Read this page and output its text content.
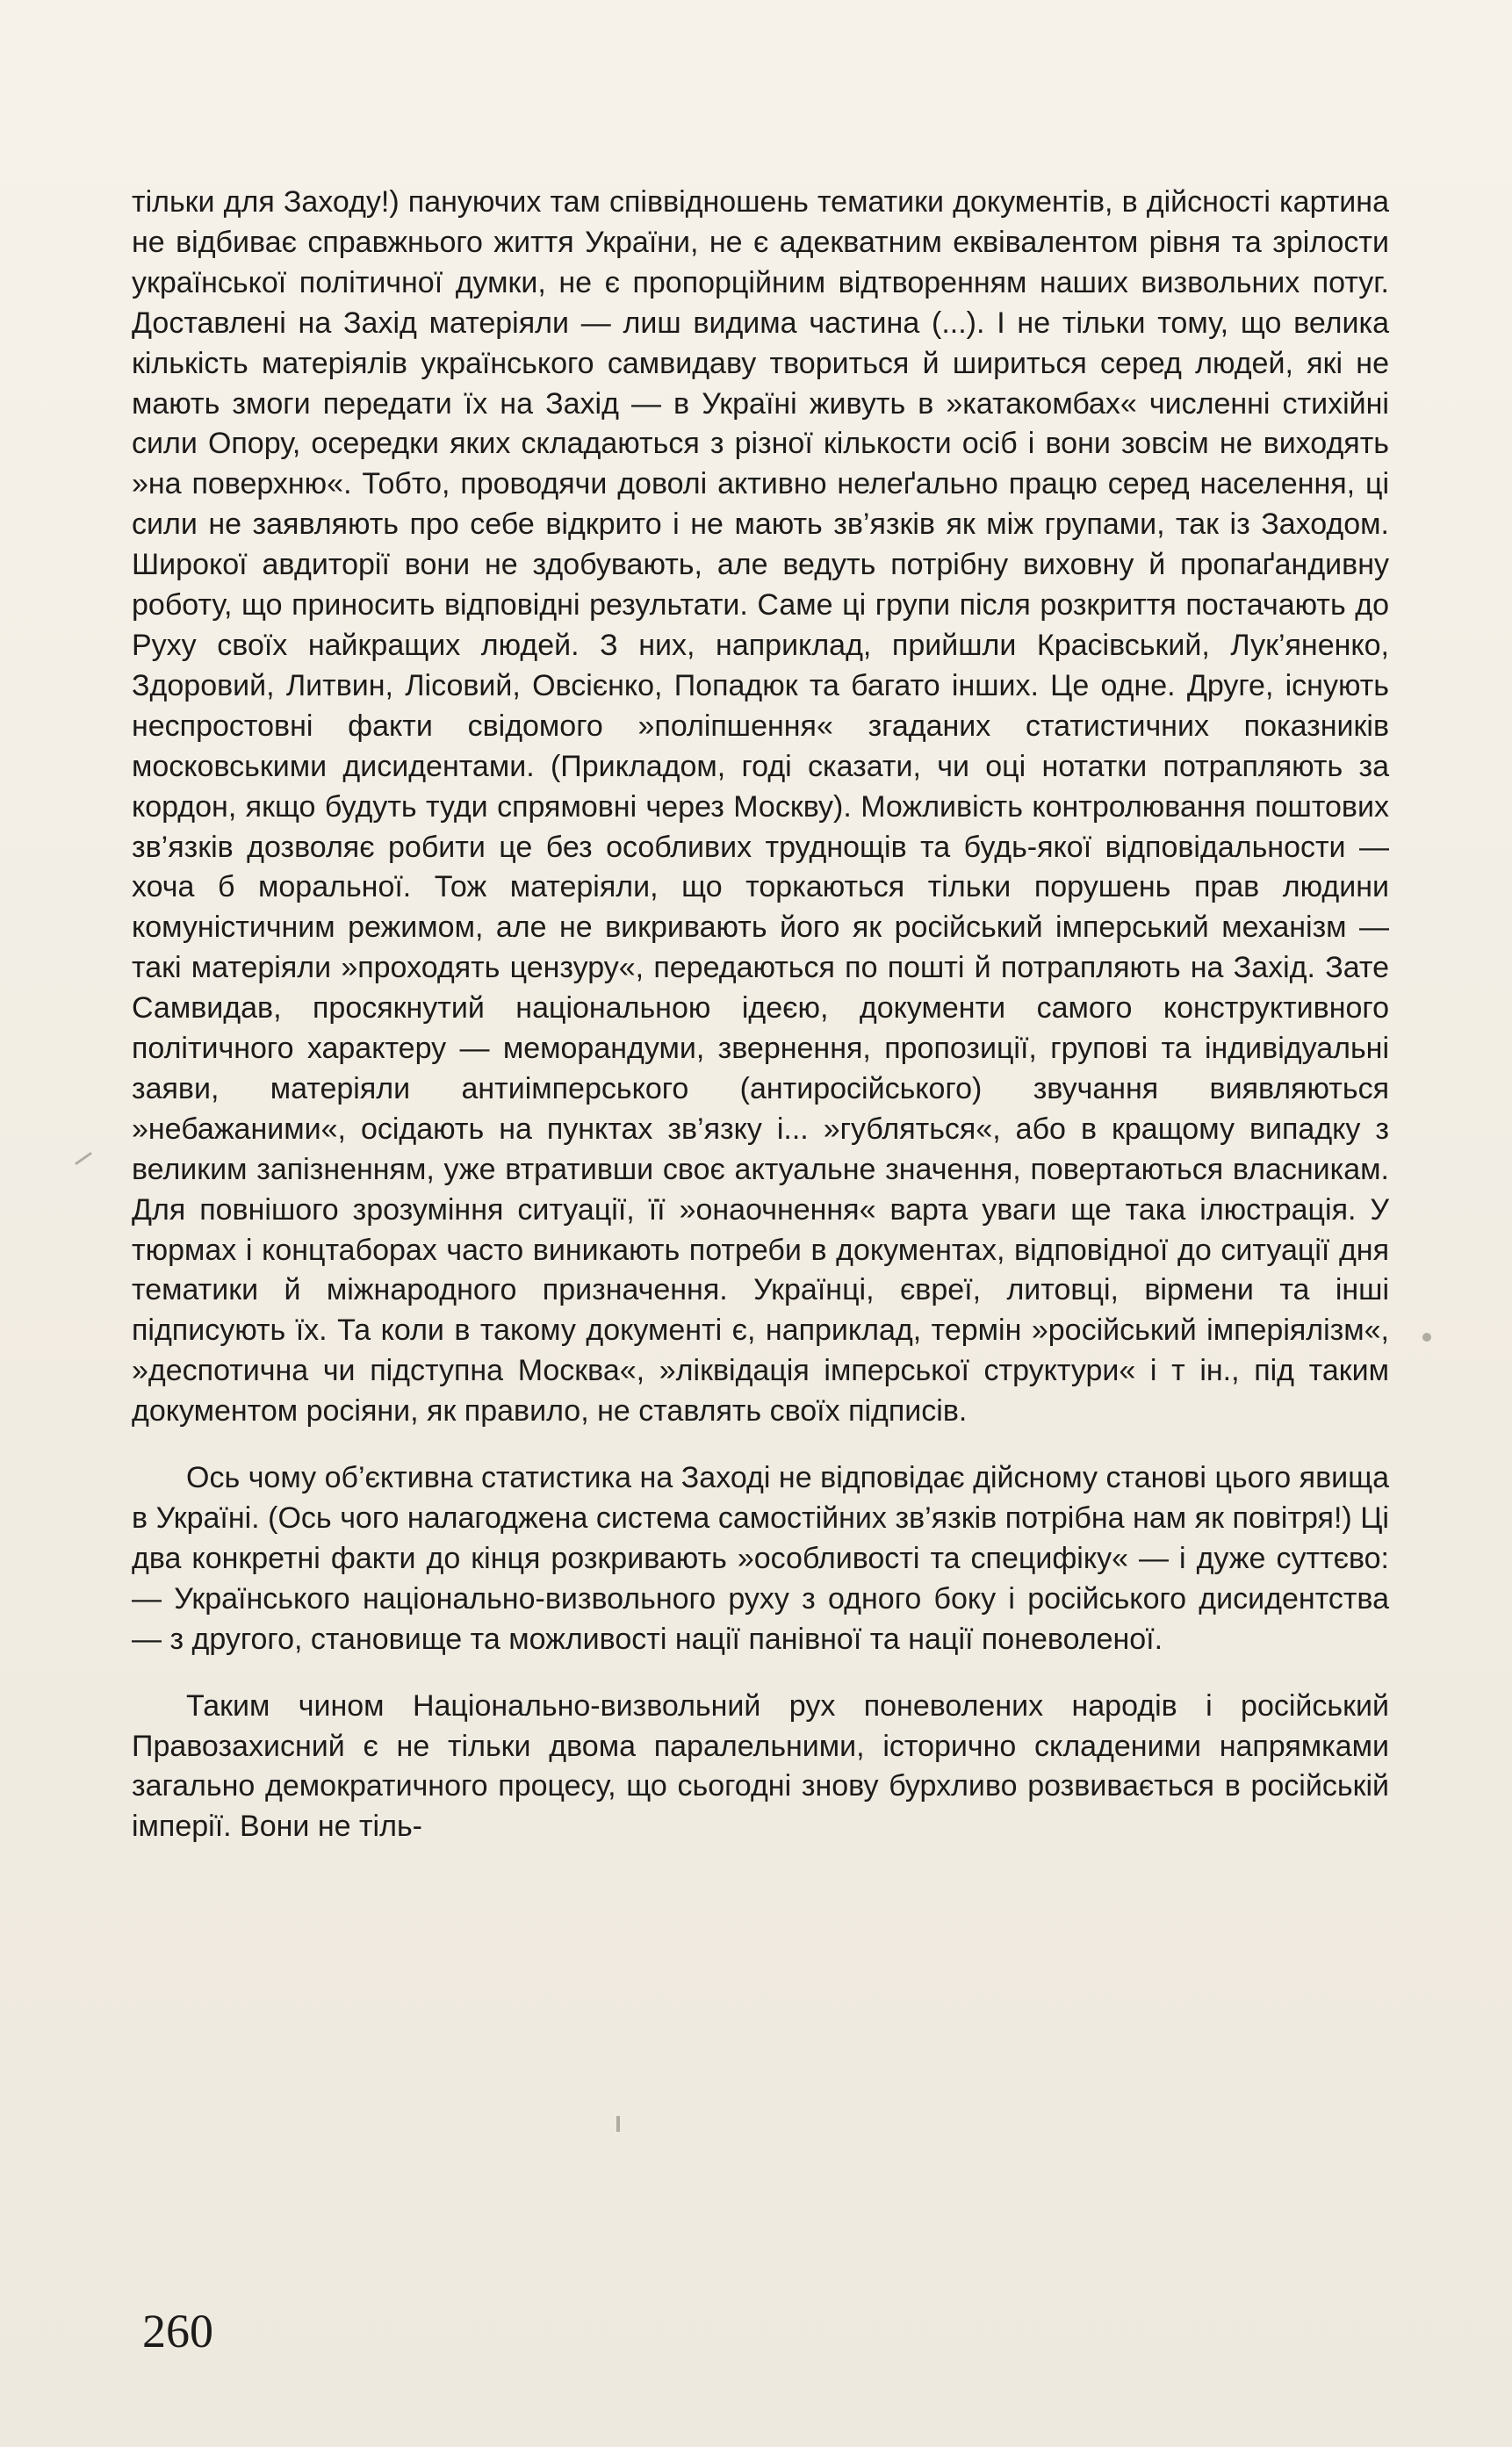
тільки для Заходу!) пануючих там співвідношень тематики документів, в дійсності картина не відбиває справжнього життя України, не є адекватним еквівалентом рівня та зрілости української політичної думки, не є пропорційним відтворенням наших визвольних потуг. Доставлені на Захід матеріяли — лиш видима частина (...). І не тільки тому, що велика кількість матеріялів українського самвидаву твориться й шириться серед людей, які не мають змоги передати їх на Захід — в Україні живуть в »катакомбах« численні стихійні сили Опору, осередки яких складаються з різної кількости осіб і вони зовсім не виходять »на поверхню«. Тобто, проводячи доволі активно нелеґально працю серед населення, ці сили не заявляють про себе відкрито і не мають зв’язків як між групами, так із Заходом. Широкої авдиторії вони не здобувають, але ведуть потрібну виховну й пропаґандивну роботу, що приносить відповідні результати. Саме ці групи після розкриття постачають до Руху своїх найкращих людей. З них, наприклад, прийшли Красівський, Лук’яненко, Здоровий, Литвин, Лісовий, Овсієнко, Попадюк та багато інших. Це одне. Друге, існують неспростовні факти свідомого »поліпшення« згаданих статистичних показників московськими дисидентами. (Прикладом, годі сказати, чи оці нотатки потрапляють за кордон, якщо будуть туди спрямовні через Москву). Можливість контролювання поштових зв’язків дозволяє робити це без особливих труднощів та будь-якої відповідальности — хоча б моральної. Тож матеріяли, що торкаються тільки порушень прав людини комуністичним режимом, але не викривають його як російський імперський механізм — такі матеріяли »проходять цензуру«, передаються по пошті й потрапляють на Захід. Зате Самвидав, просякнутий національною ідеєю, документи самого конструктивного політичного характеру — меморандуми, звернення, пропозиції, групові та індивідуальні заяви, матеріяли антиімперського (антиросійського) звучання виявляються »небажаними«, осідають на пунктах зв’язку і... »губляться«, або в кращому випадку з великим запізненням, уже втративши своє актуальне значення, повертаються власникам. Для повнішого зрозуміння ситуації, її »онаочнення« варта уваги ще така ілюстрація. У тюрмах і концтаборах часто виникають потреби в документах, відповідної до ситуації дня тематики й міжнародного призначення. Українці, євреї, литовці, вірмени та інші підписують їх. Та коли в такому документі є, наприклад, термін »російський імперіялізм«, »деспотична чи підступна Москва«, »ліквідація імперської структури« і т ін., під таким документом росіяни, як правило, не ставлять своїх підписів.

Ось чому об’єктивна статистика на Заході не відповідає дійсному станові цього явища в Україні. (Ось чого налагоджена система самостійних зв’язків потрібна нам як повітря!) Ці два конкретні факти до кінця розкривають »особливості та специфіку« — і дуже суттєво: — Українського національно-визвольного руху з одного боку і російського дисидентства — з другого, становище та можливості нації панівної та нації поневоленої.

Таким чином Національно-визвольний рух поневолених народів і російський Правозахисний є не тільки двома паралельними, історично складеними напрямками загально демократичного процесу, що сьогодні знову бурхливо розвивається в російській імперії. Вони не тіль-

260
